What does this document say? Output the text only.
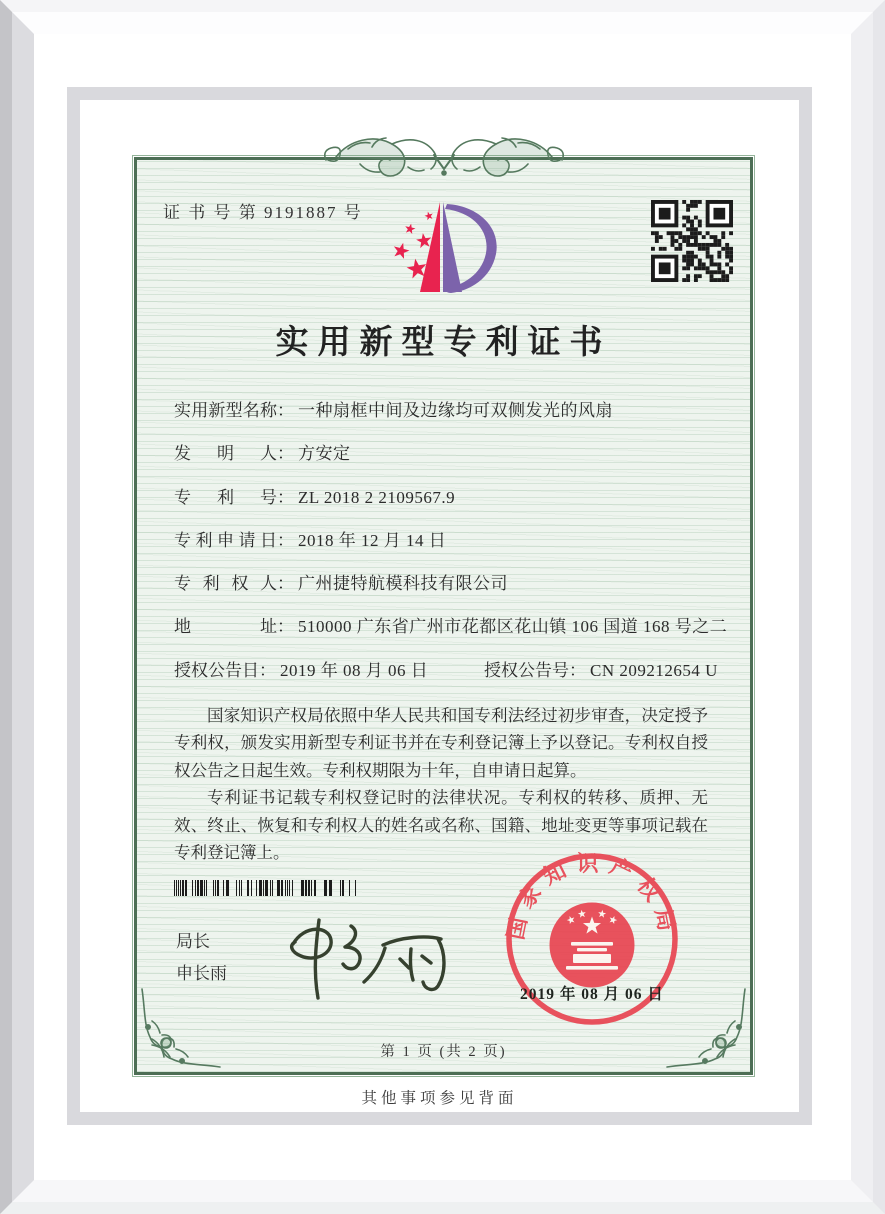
证 书 号 第 9191887 号
实用新型专利证书
实用新型名称： 一种扇框中间及边缘均可双侧发光的风扇
发明人： 方安定
专利号： ZL 2018 2 2109567.9
专利申请日： 2018 年 12 月 14 日
专利权人： 广州捷特航模科技有限公司
地址： 510000 广东省广州市花都区花山镇 106 国道 168 号之二
授权公告日： 2019 年 08 月 06 日	授权公告号： CN 209212654 U

国家知识产权局依照中华人民共和国专利法经过初步审查，决定授予专利权，颁发实用新型专利证书并在专利登记簿上予以登记。专利权自授权公告之日起生效。专利权期限为十年，自申请日起算。

专利证书记载专利权登记时的法律状况。专利权的转移、质押、无效、终止、恢复和专利权人的姓名或名称、国籍、地址变更等事项记载在专利登记簿上。

局长
申长雨
国家知识产权局
2019 年 08 月 06 日
第 1 页 (共 2 页)
其他事项参见背面
